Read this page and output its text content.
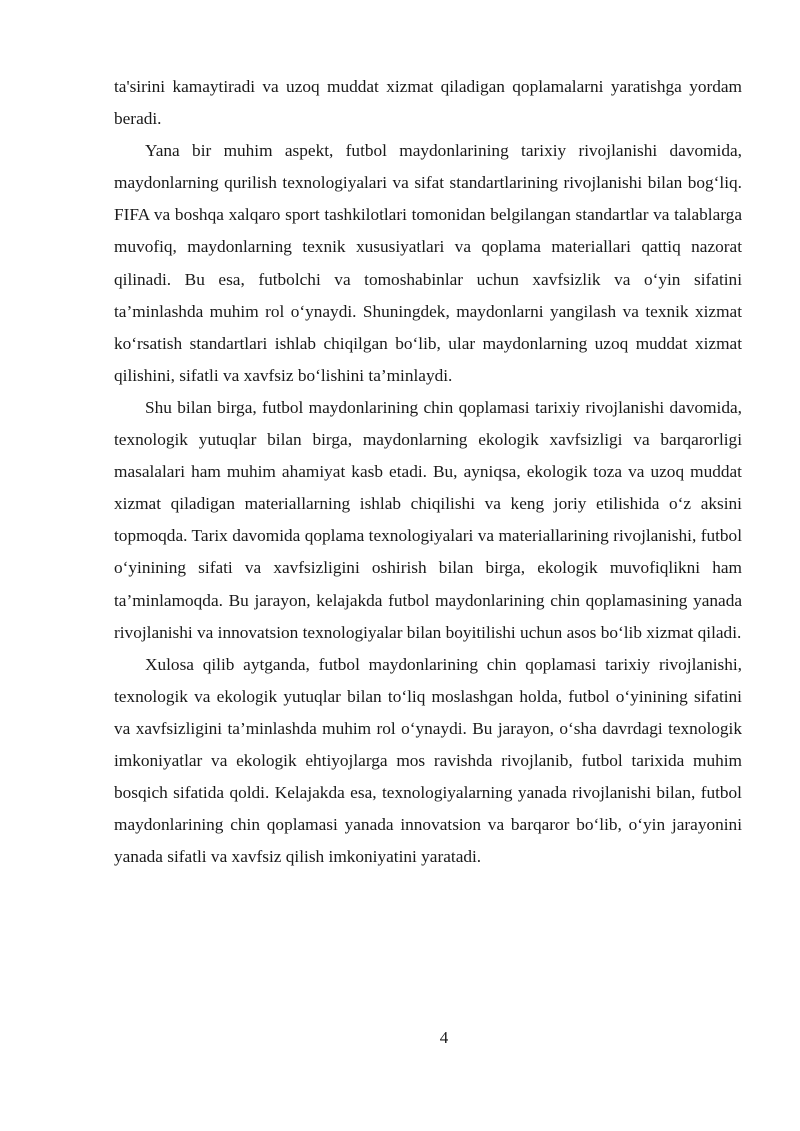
ta'sirini kamaytiradi va uzoq muddat xizmat qiladigan qoplamalarni yaratishga yordam beradi.

Yana bir muhim aspekt, futbol maydonlarining tarixiy rivojlanishi davomida, maydonlarning qurilish texnologiyalari va sifat standartlarining rivojlanishi bilan bog‘liq. FIFA va boshqa xalqaro sport tashkilotlari tomonidan belgilangan standartlar va talablarga muvofiq, maydonlarning texnik xususiyatlari va qoplama materiallari qattiq nazorat qilinadi. Bu esa, futbolchi va tomoshabinlar uchun xavfsizlik va o‘yin sifatini ta’minlashda muhim rol o‘ynaydi. Shuningdek, maydonlarni yangilash va texnik xizmat ko‘rsatish standartlari ishlab chiqilgan bo‘lib, ular maydonlarning uzoq muddat xizmat qilishini, sifatli va xavfsiz bo‘lishini ta’minlaydi.

Shu bilan birga, futbol maydonlarining chin qoplamasi tarixiy rivojlanishi davomida, texnologik yutuqlar bilan birga, maydonlarning ekologik xavfsizligi va barqarorligi masalalari ham muhim ahamiyat kasb etadi. Bu, ayniqsa, ekologik toza va uzoq muddat xizmat qiladigan materiallarning ishlab chiqilishi va keng joriy etilishida o‘z aksini topmoqda. Tarix davomida qoplama texnologiyalari va materiallarining rivojlanishi, futbol o‘yinining sifati va xavfsizligini oshirish bilan birga, ekologik muvofiqlikni ham ta’minlamoqda. Bu jarayon, kelajakda futbol maydonlarining chin qoplamasining yanada rivojlanishi va innovatsion texnologiyalar bilan boyitilishi uchun asos bo‘lib xizmat qiladi.

Xulosa qilib aytganda, futbol maydonlarining chin qoplamasi tarixiy rivojlanishi, texnologik va ekologik yutuqlar bilan to‘liq moslashgan holda, futbol o‘yinining sifatini va xavfsizligini ta’minlashda muhim rol o‘ynaydi. Bu jarayon, o‘sha davrdagi texnologik imkoniyatlar va ekologik ehtiyojlarga mos ravishda rivojlanib, futbol tarixida muhim bosqich sifatida qoldi. Kelajakda esa, texnologiyalarning yanada rivojlanishi bilan, futbol maydonlarining chin qoplamasi yanada innovatsion va barqaror bo‘lib, o‘yin jarayonini yanada sifatli va xavfsiz qilish imkoniyatini yaratadi.

4
